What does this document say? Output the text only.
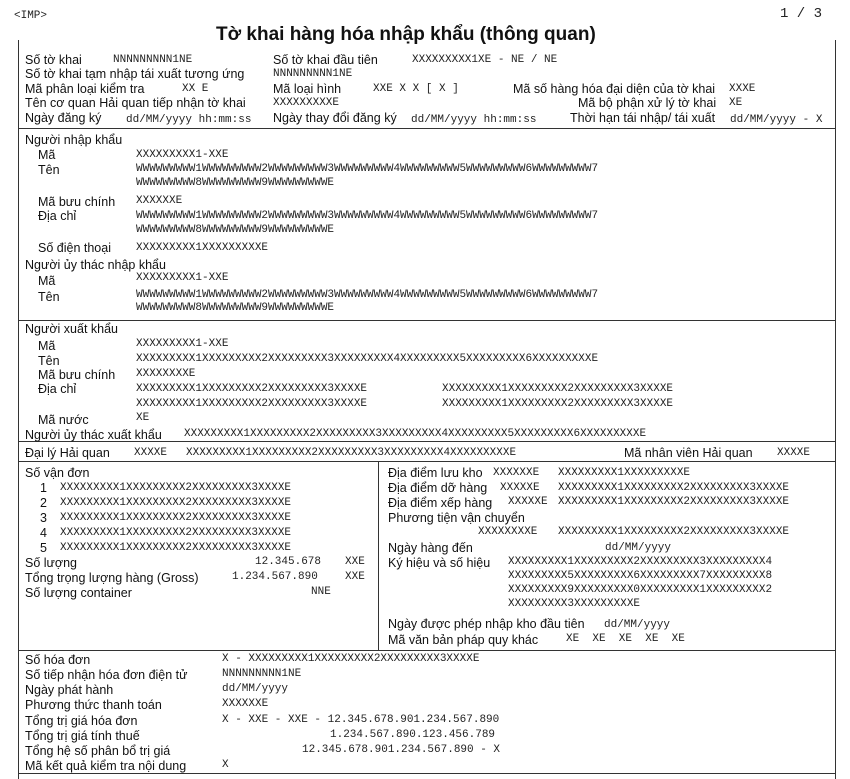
<IMP>	1 / 3
Tờ khai hàng hóa nhập khẩu (thông quan)
Số tờ khai	NNNNNNNNN1NE	Số tờ khai đầu tiên	XXXXXXXXX1XE - NE / NE
Số tờ khai tạm nhập tái xuất tương ứng	NNNNNNNNN1NE
Mã phân loại kiểm tra	XX E	Mã loại hình	XXE X X [ X ]	Mã số hàng hóa đại diện của tờ khai XXXE
Tên cơ quan Hải quan tiếp nhận tờ khai XXXXXXXXXE	Mã bộ phận xử lý tờ khai XE
Ngày đăng ký dd/MM/yyyy hh:mm:ss Ngày thay đổi đăng ký dd/MM/yyyy hh:mm:ss	Thời hạn tái nhập/ tái xuất dd/MM/yyyy - X
Người nhập khẩu
Mã	XXXXXXXXX1-XXE
Tên	WWWWWWWWW1WWWWWWWWW2WWWWWWWWW3WWWWWWWWW4WWWWWWWWW5WWWWWWWWW6WWWWWWWWW7
WWWWWWWWW8WWWWWWWWW9WWWWWWWWWE
Mã bưu chính XXXXXXE
Địa chỉ	WWWWWWWWW1WWWWWWWWW2WWWWWWWWW3WWWWWWWWW4WWWWWWWWW5WWWWWWWWW6WWWWWWWWW7
WWWWWWWWW8WWWWWWWWW9WWWWWWWWWE
Số điện thoại XXXXXXXXX1XXXXXXXXXE
Người ủy thác nhập khẩu
Mã	XXXXXXXXX1-XXE
Tên	WWWWWWWWW1WWWWWWWWW2WWWWWWWWW3WWWWWWWWW4WWWWWWWWW5WWWWWWWWW6WWWWWWWWW7
WWWWWWWWW8WWWWWWWWW9WWWWWWWWWE
Người xuất khẩu
Mã	XXXXXXXXX1-XXE
Tên	XXXXXXXXX1XXXXXXXXX2XXXXXXXXX3XXXXXXXXX4XXXXXXXXX5XXXXXXXXX6XXXXXXXXXE
Mã bưu chính XXXXXXXXE
Địa chỉ	XXXXXXXXX1XXXXXXXXX2XXXXXXXXX3XXXXE	XXXXXXXXX1XXXXXXXXX2XXXXXXXXX3XXXXE
XXXXXXXXX1XXXXXXXXX2XXXXXXXXX3XXXXE	XXXXXXXXX1XXXXXXXXX2XXXXXXXXX3XXXXE
Mã nước	XE
Người ủy thác xuất khẩu XXXXXXXXX1XXXXXXXXX2XXXXXXXXX3XXXXXXXXX4XXXXXXXXX5XXXXXXXXX6XXXXXXXXXE
Đại lý Hải quan XXXXE XXXXXXXXX1XXXXXXXXX2XXXXXXXXX3XXXXXXXXX4XXXXXXXXXE	Mã nhân viên Hải quan XXXXE
Số vận đơn
1 XXXXXXXXX1XXXXXXXXX2XXXXXXXXX3XXXXE
2 XXXXXXXXX1XXXXXXXXX2XXXXXXXXX3XXXXE
3 XXXXXXXXX1XXXXXXXXX2XXXXXXXXX3XXXXE
4 XXXXXXXXX1XXXXXXXXX2XXXXXXXXX3XXXXE
5 XXXXXXXXX1XXXXXXXXX2XXXXXXXXX3XXXXE
Số lượng	12.345.678 XXE
Tổng trọng lượng hàng (Gross)	1.234.567.890 XXE
Số lượng container	NNE
Địa điểm lưu kho XXXXXXE XXXXXXXXX1XXXXXXXXXE
Địa điểm dỡ hàng XXXXXE XXXXXXXXX1XXXXXXXXX2XXXXXXXXX3XXXXE
Địa điểm xếp hàng XXXXXE XXXXXXXXX1XXXXXXXXX2XXXXXXXXX3XXXXE
Phương tiện vận chuyển
XXXXXXXXE XXXXXXXXX1XXXXXXXXX2XXXXXXXXX3XXXXE
Ngày hàng đến	dd/MM/yyyy
Ký hiệu và số hiệu XXXXXXXXX1XXXXXXXXX2XXXXXXXXX3XXXXXXXXX4
XXXXXXXXX5XXXXXXXXX6XXXXXXXXX7XXXXXXXXX8
XXXXXXXXX9XXXXXXXXX0XXXXXXXXX1XXXXXXXXX2
XXXXXXXXX3XXXXXXXXXE
Ngày được phép nhập kho đầu tiên dd/MM/yyyy
Mã văn bản pháp quy khác	XE  XE  XE  XE  XE
Số hóa đơn	X - XXXXXXXXX1XXXXXXXXX2XXXXXXXXX3XXXXE
Số tiếp nhận hóa đơn điện tử	NNNNNNNNN1NE
Ngày phát hành	dd/MM/yyyy
Phương thức thanh toán	XXXXXXE
Tổng trị giá hóa đơn	X - XXE - XXE - 12.345.678.901.234.567.890
Tổng trị giá tính thuế	1.234.567.890.123.456.789
Tổng hệ số phân bổ trị giá	12.345.678.901.234.567.890 - X
Mã kết quả kiểm tra nội dung	X
